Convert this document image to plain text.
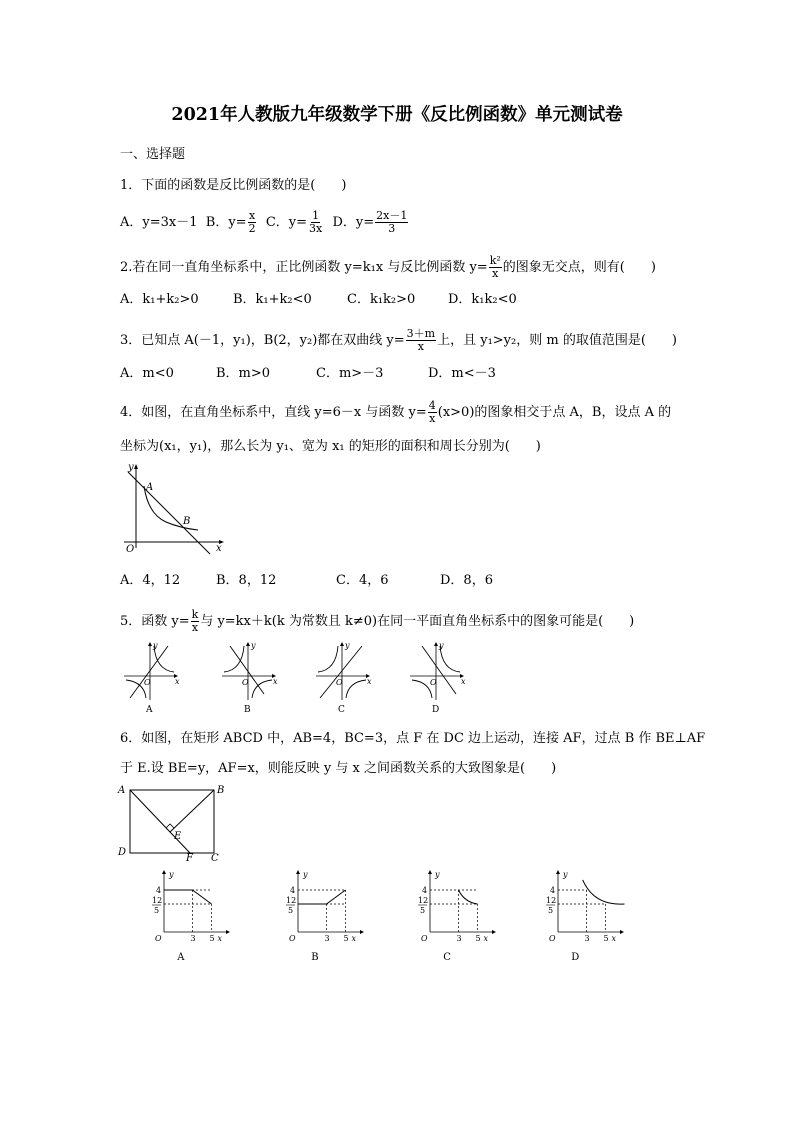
2021年人教版九年级数学下册《反比例函数》单元测试卷
一、选择题
1．下面的函数是反比例函数的是(　　)
A．y=3x－1 B．$y= \frac{x}{2}$ C．$y= \frac{1}{3x}$ D．$y= \frac{2x-1}{3}$
2.若在同一直角坐标系中，正比例函数 y=k₁x 与反比例函数 $y= \frac{\text{k²}}{x}$ 的图象无交点，则有(　　)
A．k₁+k₂>0	B．k₁+k₂<0	C．k₁k₂>0	D．k₁k₂<0
3．已知点 A(－1，y₁)，B(2，y₂)都在双曲线 $y= \frac{3+m}{x}$ 上，且 y₁>y₂，则 m 的取值范围是(　　)
A．m<0	B．m>0	C．m>－3	D．m<－3
4．如图，在直角坐标系中，直线 y=6－x 与函数 $y= \frac{4}{x} (x>0)$的图象相交于点 A，B，设点 A 的
坐标为(x₁，y₁)，那么长为 y₁、宽为 x₁ 的矩形的面积和周长分别为(　　)
y
x
O
A
B
A．4，12	B．8，12	C．4，6	D．8，6
5．函数 $y= \frac{k}{x}$ 与 y=kx＋k(k 为常数且 k≠0)在同一平面直角坐标系中的图象可能是(　　)
O	x
y
A
O	x
y
B
O	x
y
C
O	x
y
D
6．如图，在矩形 ABCD 中，AB=4，BC=3，点 F 在 DC 边上运动，连接 AF，过点 B 作 BE⊥AF
于 E.设 BE=y，AF=x，则能反映 y 与 x 之间函数关系的大致图象是(　　)
A	B
D
C
E
F
4
12
5
O	3 5 x
y
A
4
12
5
O	3 5 x
y
B
4
12
5
O	3 5 x
y
C
4
12
5
O	3 5 x
y
D
